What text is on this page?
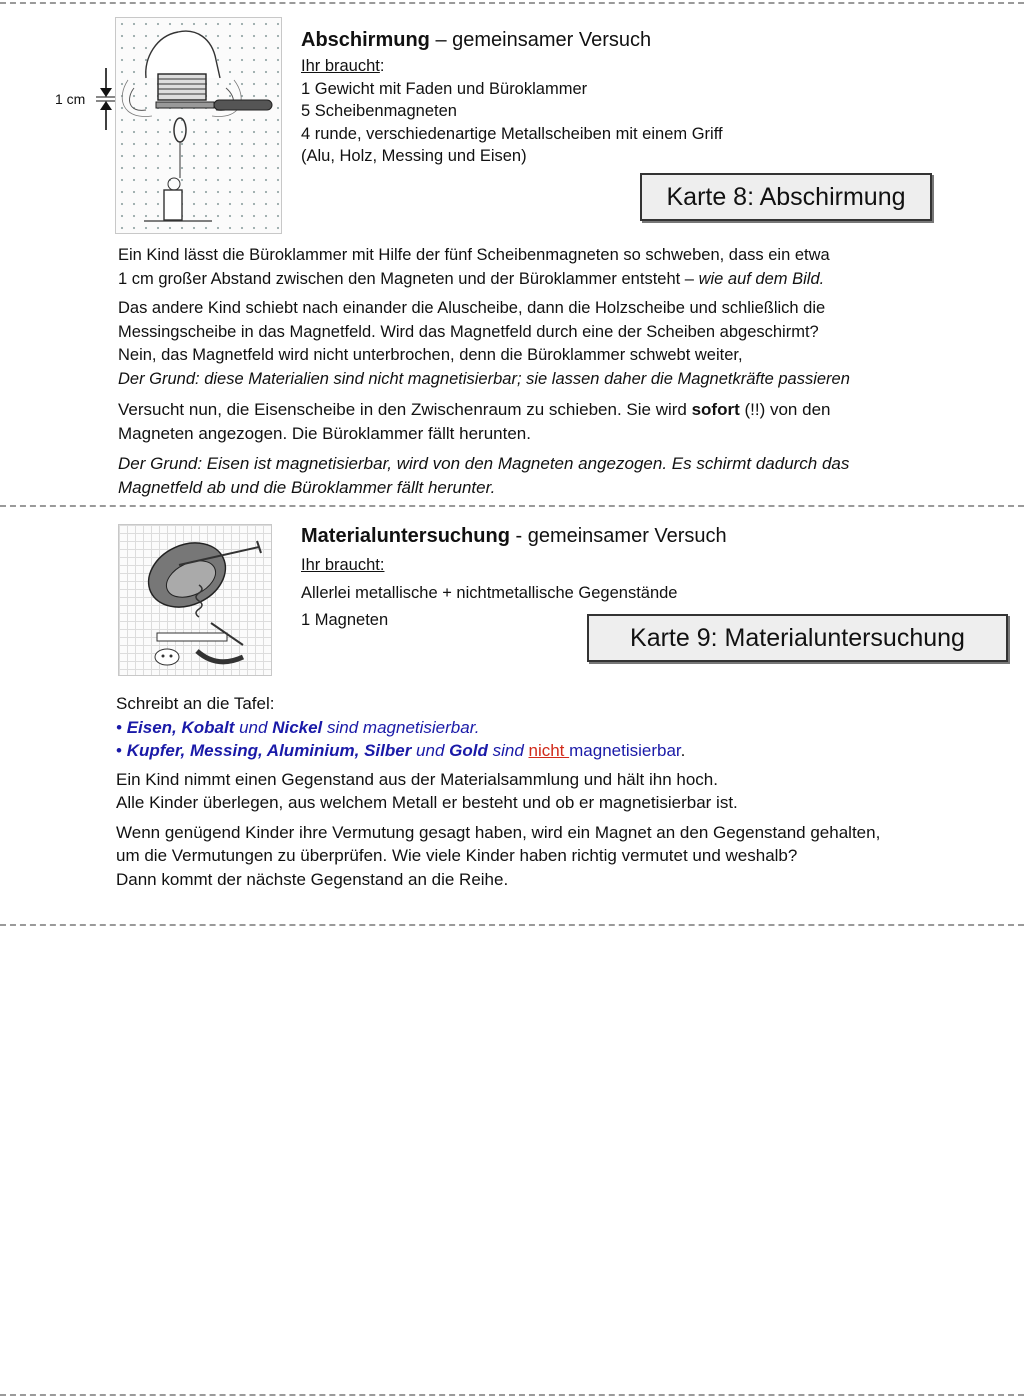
1 cm
Abschirmung – gemeinsamer Versuch
Ihr braucht:
1 Gewicht mit Faden und Büroklammer
5 Scheibenmagneten
4 runde, verschiedenartige Metallscheiben mit einem Griff
(Alu, Holz, Messing und Eisen)
Karte 8: Abschirmung

Ein Kind lässt die Büroklammer mit Hilfe der fünf Scheibenmagneten so schweben, dass ein etwa
1 cm großer Abstand zwischen den Magneten und der Büroklammer entsteht – wie auf dem Bild.

Das andere Kind schiebt nach einander die Aluscheibe, dann die Holzscheibe und schließlich die
Messingscheibe in das Magnetfeld. Wird das Magnetfeld durch eine der Scheiben abgeschirmt?
Nein, das Magnetfeld wird nicht unterbrochen, denn die Büroklammer schwebt weiter,
Der Grund: diese Materialien sind nicht magnetisierbar; sie lassen daher die Magnetkräfte passieren

Versucht nun, die Eisenscheibe in den Zwischenraum zu schieben. Sie wird sofort (!!) von den
Magneten angezogen. Die Büroklammer fällt herunten.

Der Grund: Eisen ist magnetisierbar, wird von den Magneten angezogen. Es schirmt dadurch das
Magnetfeld ab und die Büroklammer fällt herunter.

Materialuntersuchung - gemeinsamer Versuch
Ihr braucht:
Allerlei metallische + nichtmetallische Gegenstände
1 Magneten
Karte 9: Materialuntersuchung

Schreibt an die Tafel:

• Eisen, Kobalt und Nickel sind magnetisierbar.

• Kupfer, Messing, Aluminium, Silber und Gold sind nicht magnetisierbar.

Ein Kind nimmt einen Gegenstand aus der Materialsammlung und hält ihn hoch.
Alle Kinder überlegen, aus welchem Metall er besteht und ob er magnetisierbar ist.

Wenn genügend Kinder ihre Vermutung gesagt haben, wird ein Magnet an den Gegenstand gehalten,
um die Vermutungen zu überprüfen. Wie viele Kinder haben richtig vermutet und weshalb?
Dann kommt der nächste Gegenstand an die Reihe.
